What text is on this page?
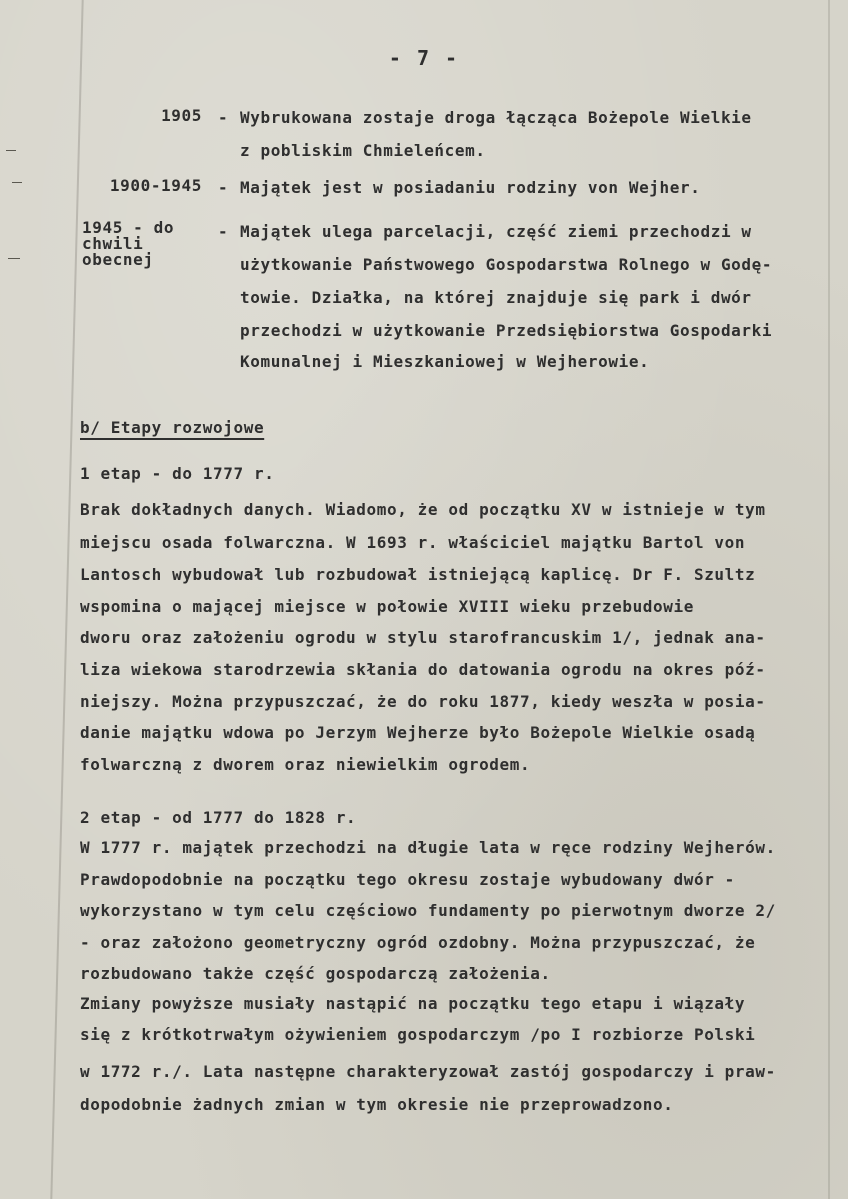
- 7 -
1905 - Wybrukowana zostaje droga łącząca Bożepole Wielkie
z pobliskim Chmieleńcem.
1900-1945 - Majątek jest w posiadaniu rodziny von Wejher.
1945 - do
chwili
obecnej
- Majątek ulega parcelacji, część ziemi przechodzi w
użytkowanie Państwowego Gospodarstwa Rolnego w Godę-
towie. Działka, na której znajduje się park i dwór
przechodzi w użytkowanie Przedsiębiorstwa Gospodarki
Komunalnej i Mieszkaniowej w Wejherowie.
b/ Etapy rozwojowe
1 etap - do 1777 r.
Brak dokładnych danych. Wiadomo, że od początku XV w istnieje w tym
miejscu osada folwarczna. W 1693 r. właściciel majątku Bartol von
Lantosch wybudował lub rozbudował istniejącą kaplicę. Dr F. Szultz
wspomina o mającej miejsce w połowie XVIII wieku przebudowie
dworu oraz założeniu ogrodu w stylu starofrancuskim 1/, jednak ana-
liza wiekowa starodrzewia skłania do datowania ogrodu na okres póź-
niejszy. Można przypuszczać, że do roku 1877, kiedy weszła w posia-
danie majątku wdowa po Jerzym Wejherze było Bożepole Wielkie osadą
folwarczną z dworem oraz niewielkim ogrodem.
2 etap - od 1777 do 1828 r.
W 1777 r. majątek przechodzi na długie lata w ręce rodziny Wejherów.
Prawdopodobnie na początku tego okresu zostaje wybudowany dwór -
wykorzystano w tym celu częściowo fundamenty po pierwotnym dworze 2/
- oraz założono geometryczny ogród ozdobny. Można przypuszczać, że
rozbudowano także część gospodarczą założenia.
Zmiany powyższe musiały nastąpić na początku tego etapu i wiązały
się z krótkotrwałym ożywieniem gospodarczym /po I rozbiorze Polski
w 1772 r./. Lata następne charakteryzował zastój gospodarczy i praw-
dopodobnie żadnych zmian w tym okresie nie przeprowadzono.
